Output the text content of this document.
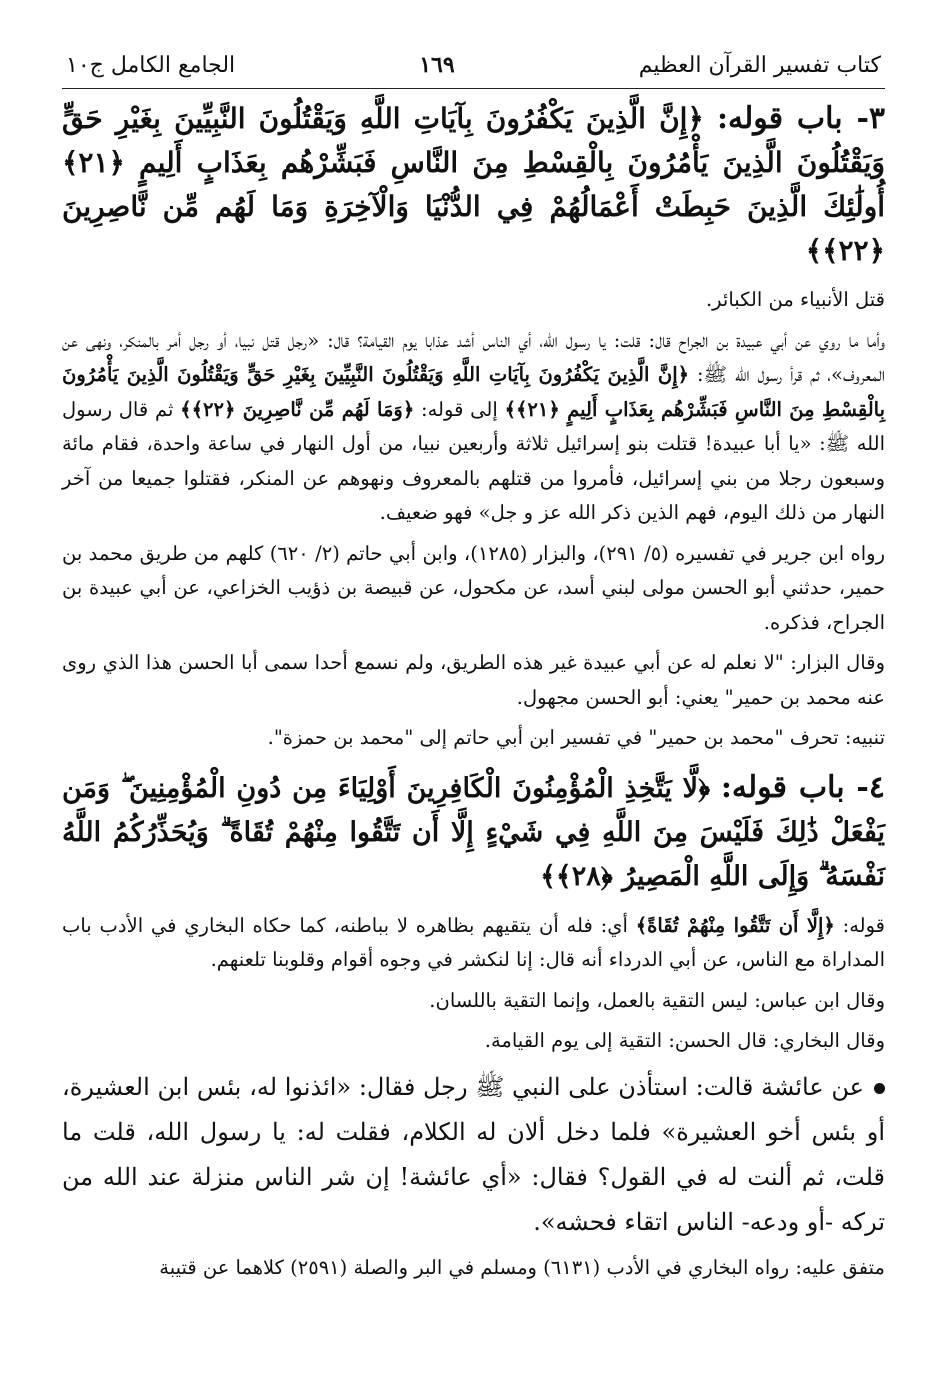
كتاب تفسير القرآن العظيم
١٦٩
الجامع الكامل ج١٠
٣- باب قوله: ﴿إِنَّ الَّذِينَ يَكْفُرُونَ بِآيَاتِ اللَّهِ وَيَقْتُلُونَ النَّبِيِّينَ بِغَيْرِ حَقٍّ وَيَقْتُلُونَ الَّذِينَ يَأْمُرُونَ بِالْقِسْطِ مِنَ النَّاسِ فَبَشِّرْهُم بِعَذَابٍ أَلِيمٍ ﴿٢١﴾ أُولَٰئِكَ الَّذِينَ حَبِطَتْ أَعْمَالُهُمْ فِي الدُّنْيَا وَالْآخِرَةِ وَمَا لَهُم مِّن نَّاصِرِينَ ﴿٢٢﴾﴾

قتل الأنبياء من الكبائر.

وأما ما روي عن أبي عبيدة بن الجراح قال: قلت: يا رسول الله، أي الناس أشد عذابا يوم القيامة؟ قال: «رجل قتل نبيا، أو رجل أمر بالمنكر، ونهى عن المعروف»، ثم قرأ رسول الله ﷺ: ﴿إِنَّ الَّذِينَ يَكْفُرُونَ بِآيَاتِ اللَّهِ وَيَقْتُلُونَ النَّبِيِّينَ بِغَيْرِ حَقٍّ وَيَقْتُلُونَ الَّذِينَ يَأْمُرُونَ بِالْقِسْطِ مِنَ النَّاسِ فَبَشِّرْهُم بِعَذَابٍ أَلِيمٍ ﴿٢١﴾﴾ إلى قوله: ﴿وَمَا لَهُم مِّن نَّاصِرِينَ ﴿٢٢﴾﴾ ثم قال رسول الله ﷺ: «يا أبا عبيدة! قتلت بنو إسرائيل ثلاثة وأربعين نبيا، من أول النهار في ساعة واحدة، فقام مائة وسبعون رجلا من بني إسرائيل، فأمروا من قتلهم بالمعروف ونهوهم عن المنكر، فقتلوا جميعا من آخر النهار من ذلك اليوم، فهم الذين ذكر الله عز و جل» فهو ضعيف.

رواه ابن جرير في تفسيره (٥/ ٢٩١)، والبزار (١٢٨٥)، وابن أبي حاتم (٢/ ٦٢٠) كلهم من طريق محمد بن حمير، حدثني أبو الحسن مولى لبني أسد، عن مكحول، عن قبيصة بن ذؤيب الخزاعي، عن أبي عبيدة بن الجراح، فذكره.

وقال البزار: "لا نعلم له عن أبي عبيدة غير هذه الطريق، ولم نسمع أحدا سمى أبا الحسن هذا الذي روى عنه محمد بن حمير" يعني: أبو الحسن مجهول.

تنبيه: تحرف "محمد بن حمير" في تفسير ابن أبي حاتم إلى "محمد بن حمزة".

٤- باب قوله: ﴿لَّا يَتَّخِذِ الْمُؤْمِنُونَ الْكَافِرِينَ أَوْلِيَاءَ مِن دُونِ الْمُؤْمِنِينَ ۖ وَمَن يَفْعَلْ ذَٰلِكَ فَلَيْسَ مِنَ اللَّهِ فِي شَيْءٍ إِلَّا أَن تَتَّقُوا مِنْهُمْ تُقَاةً ۗ وَيُحَذِّرُكُمُ اللَّهُ نَفْسَهُ ۗ وَإِلَى اللَّهِ الْمَصِيرُ ﴿٢٨﴾﴾

قوله: ﴿إِلَّا أَن تَتَّقُوا مِنْهُمْ تُقَاةً﴾ أي: فله أن يتقيهم بظاهره لا بباطنه، كما حكاه البخاري في الأدب باب المداراة مع الناس، عن أبي الدرداء أنه قال: إنا لنكشر في وجوه أقوام وقلوبنا تلعنهم.

وقال ابن عباس: ليس التقية بالعمل، وإنما التقية باللسان.

وقال البخاري: قال الحسن: التقية إلى يوم القيامة.

عن عائشة قالت: استأذن على النبي ﷺ رجل فقال: «ائذنوا له، بئس ابن العشيرة، أو بئس أخو العشيرة» فلما دخل ألان له الكلام، فقلت له: يا رسول الله، قلت ما قلت، ثم ألنت له في القول؟ فقال: «أي عائشة! إن شر الناس منزلة عند الله من تركه -أو ودعه- الناس اتقاء فحشه».

متفق عليه: رواه البخاري في الأدب (٦١٣١) ومسلم في البر والصلة (٢٥٩١) كلاهما عن قتيبة
